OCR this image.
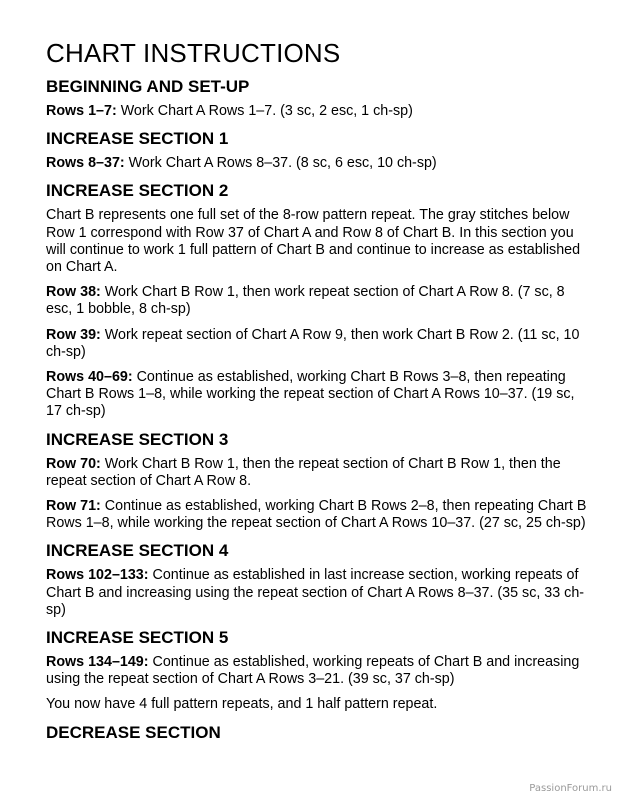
CHART INSTRUCTIONS
BEGINNING AND SET-UP

Rows 1–7: Work Chart A Rows 1–7. (3 sc, 2 esc, 1 ch-sp)

INCREASE SECTION 1

Rows 8–37: Work Chart A Rows 8–37. (8 sc, 6 esc, 10 ch-sp)

INCREASE SECTION 2

Chart B represents one full set of the 8-row pattern repeat. The gray stitches below Row 1 correspond with Row 37 of Chart A and Row 8 of Chart B. In this section you will continue to work 1 full pattern of Chart B and continue to increase as established on Chart A.

Row 38: Work Chart B Row 1, then work repeat section of Chart A Row 8. (7 sc, 8 esc, 1 bobble, 8 ch-sp)

Row 39: Work repeat section of Chart A Row 9, then work Chart B Row 2. (11 sc, 10 ch-sp)

Rows 40–69: Continue as established, working Chart B Rows 3–8, then repeating Chart B Rows 1–8, while working the repeat section of Chart A Rows 10–37. (19 sc, 17 ch-sp)

INCREASE SECTION 3

Row 70: Work Chart B Row 1, then the repeat section of Chart B Row 1, then the repeat section of Chart A Row 8.

Row 71: Continue as established, working Chart B Rows 2–8, then repeating Chart B Rows 1–8, while working the repeat section of Chart A Rows 10–37. (27 sc, 25 ch-sp)

INCREASE SECTION 4

Rows 102–133: Continue as established in last increase section, working repeats of Chart B and increasing using the repeat section of Chart A Rows 8–37. (35 sc, 33 ch-sp)

INCREASE SECTION 5

Rows 134–149: Continue as established, working repeats of Chart B and increasing using the repeat section of Chart A Rows 3–21. (39 sc, 37 ch-sp)

You now have 4 full pattern repeats, and 1 half pattern repeat.

DECREASE SECTION
PassionForum.ru
